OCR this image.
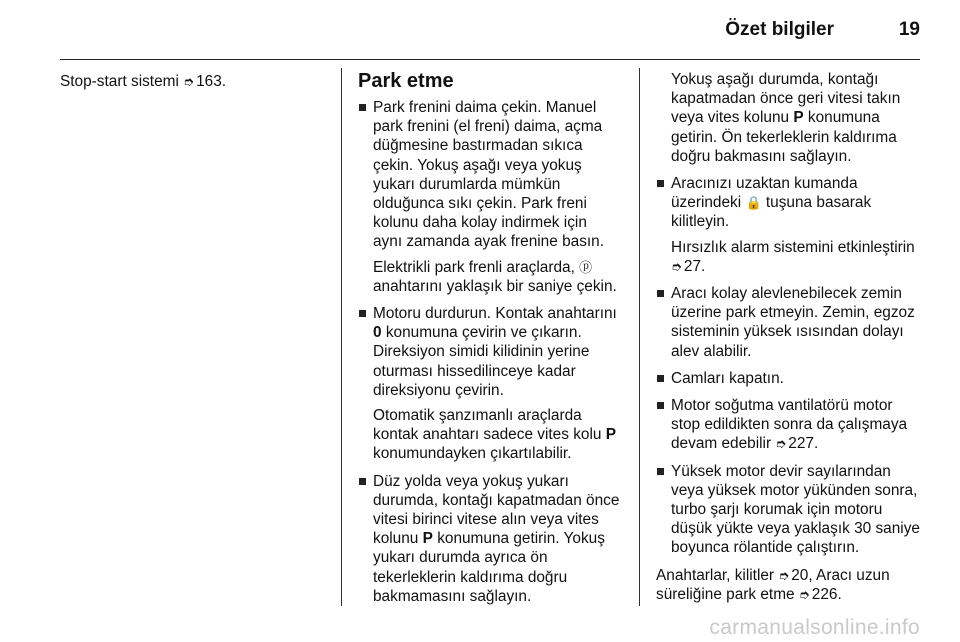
Özet bilgiler	19
Stop-start sistemi ➮ 163.	Park etme

Park frenini daima çekin. Manuel park frenini (el freni) daima, açma düğmesine bastırmadan sıkıca çekin. Yokuş aşağı veya yokuş yukarı durumlarda mümkün olduğunca sıkı çekin. Park freni kolunu daha kolay indirmek için aynı zamanda ayak frenine basın.

Elektrikli park frenli araçlarda, ⓟ anahtarını yaklaşık bir saniye çekin.

Motoru durdurun. Kontak anahtarını 0 konumuna çevirin ve çıkarın. Direksiyon simidi kilidinin yerine oturması hissedilinceye kadar direksiyonu çevirin.

Otomatik şanzımanlı araçlarda kontak anahtarı sadece vites kolu P konumundayken çıkartılabilir.

Düz yolda veya yokuş yukarı durumda, kontağı kapatmadan önce vitesi birinci vitese alın veya vites kolunu P konumuna getirin. Yokuş yukarı durumda ayrıca ön tekerleklerin kaldırıma doğru bakmamasını sağlayın.

Yokuş aşağı durumda, kontağı kapatmadan önce geri vitesi takın veya vites kolunu P konumuna getirin. Ön tekerleklerin kaldırıma doğru bakmasını sağlayın.

Aracınızı uzaktan kumanda üzerindeki 🔒 tuşuna basarak kilitleyin.

Hırsızlık alarm sistemini etkinleştirin ➮ 27.

Aracı kolay alevlenebilecek zemin üzerine park etmeyin. Zemin, egzoz sisteminin yüksek ısısından dolayı alev alabilir.

Camları kapatın.

Motor soğutma vantilatörü motor stop edildikten sonra da çalışmaya devam edebilir ➮ 227.

Yüksek motor devir sayılarından veya yüksek motor yükünden sonra, turbo şarjı korumak için motoru düşük yükte veya yaklaşık 30 saniye boyunca rölantide çalıştırın.

Anahtarlar, kilitler ➮ 20, Aracı uzun süreliğine park etme ➮ 226.

carmanualsonline.info
